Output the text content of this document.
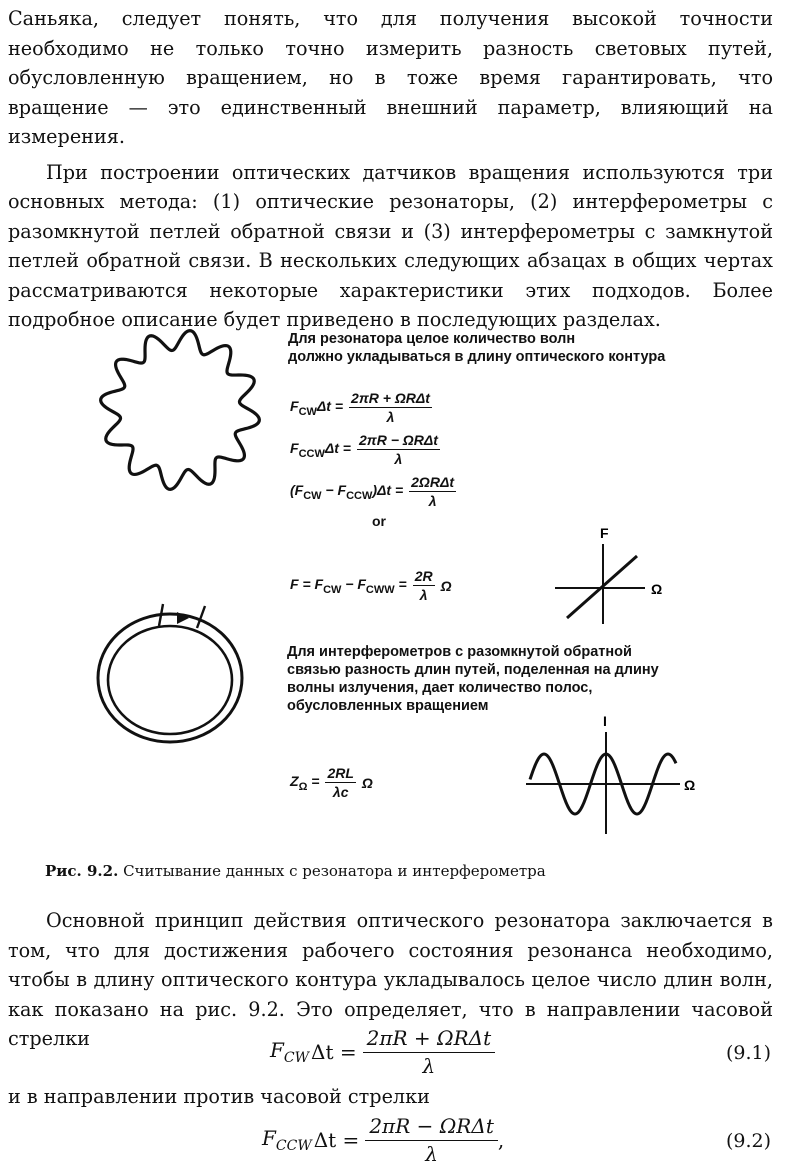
Саньяка, следует понять, что для получения высокой точности необходимо не только точно измерить разность световых путей, обусловленную вращением, но в тоже время гарантировать, что вращение — это единственный внешний параметр, влияющий на измерения.

При построении оптических датчиков вращения используются три основных метода: (1) оптические резонаторы, (2) интерферометры с разомкнутой петлей обратной связи и (3) интерферометры с замкнутой петлей обратной связи. В нескольких следующих абзацах в общих чертах рассматриваются некоторые характеристики этих подходов. Более подробное описание будет приведено в последующих разделах.

Для резонатора целое количество волн
должно укладываться в длину оптического контура
$F_{CW}\Delta t = \frac{\text{2πR + ΩRΔt}}{\lambda}$
$F_{CCW}\Delta t = \frac{\text{2πR − ΩRΔt}}{\lambda}$
$(F_{CW} - F_{CCW})\Delta t = \frac{\text{2ΩRΔt}}{\lambda}$
or
$F = F_{CW} - F_{CWW} = \frac{2R}{\lambda}$ Ω
F
Ω
Для интерферометров с разомкнутой обратной
связью разность длин путей, поделенная на длину
волны излучения, дает количество полос,
обусловленных вращением
$Z_\Omega = \frac{2RL}{\lambda c}$ Ω
I
Ω
Рис. 9.2. Считывание данных с резонатора и интерферометра

Основной принцип действия оптического резонатора заключается в том, что для достижения рабочего состояния резонанса необходимо, чтобы в длину оптического контура укладывалось целое число длин волн, как показано на рис. 9.2. Это определяет, что в направлении часовой стрелки	$F_{CW}$ $\Delta t = \frac{\text{2πR + ΩRΔt}}{\lambda}$	(9.1)

и в направлении против часовой стрелки

$F_{CCW}$ $\Delta t = \frac{\text{2πR − ΩRΔt}}{\lambda}$ ,	(9.2)
